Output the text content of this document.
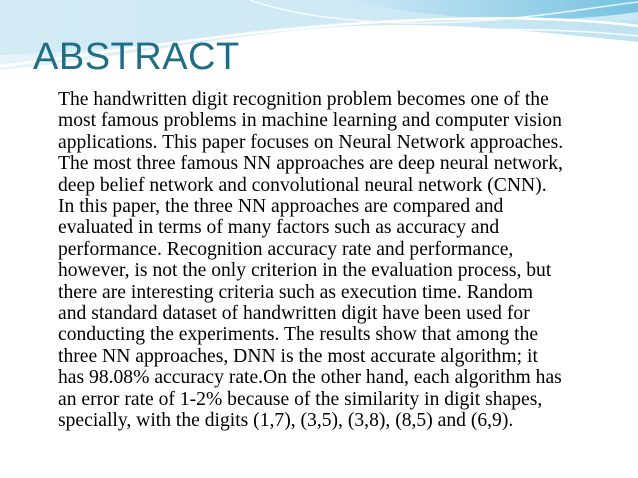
ABSTRACT

The handwritten digit recognition problem becomes one of the
most famous problems in machine learning and computer vision
applications. This paper focuses on Neural Network approaches.
The most three famous NN approaches are deep neural network,
deep belief network and convolutional neural network (CNN).
In this paper, the three NN approaches are compared and
evaluated in terms of many factors such as accuracy and
performance. Recognition accuracy rate and performance,
however, is not the only criterion in the evaluation process, but
there are interesting criteria such as execution time. Random
and standard dataset of handwritten digit have been used for
conducting the experiments. The results show that among the
three NN approaches, DNN is the most accurate algorithm; it
has 98.08% accuracy rate.On the other hand, each algorithm has
an error rate of 1-2% because of the similarity in digit shapes,
specially, with the digits (1,7), (3,5), (3,8), (8,5) and (6,9).
